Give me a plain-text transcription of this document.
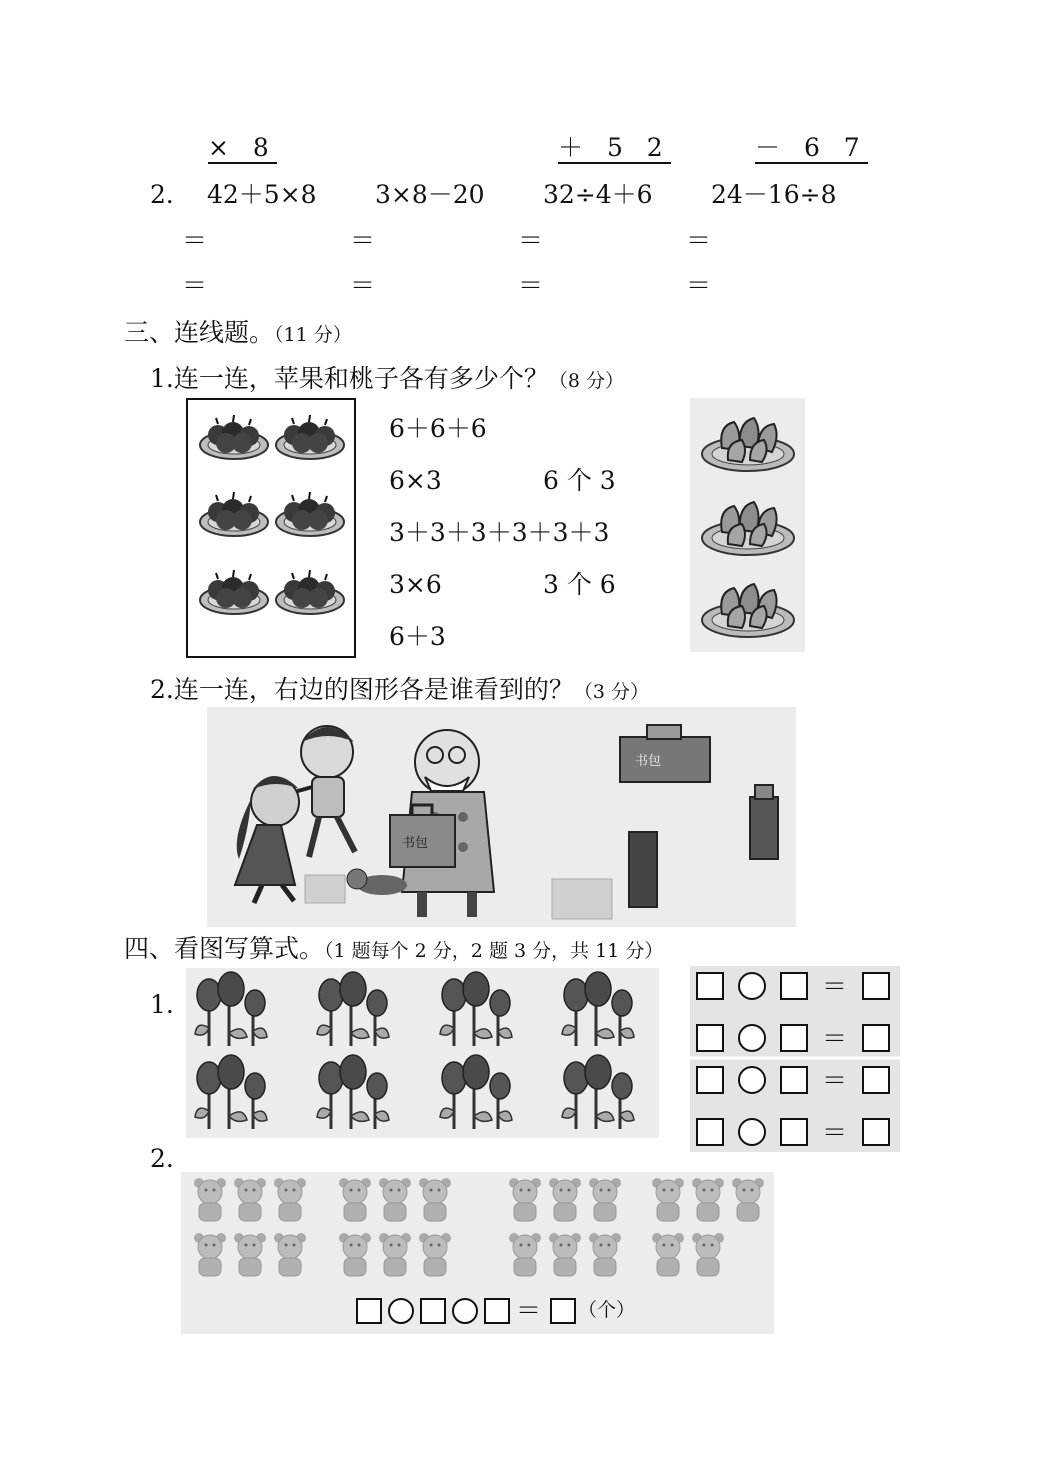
× 8	＋ 5 2	－ 6 7
2． 42＋5×8 3×8－20 32÷4＋6 24－16÷8
＝	＝	＝	＝
＝	＝	＝	＝
三、连线题。（11 分）
1.连一连，苹果和桃子各有多少个？（8 分）
6＋6＋6
6×3
3＋3＋3＋3＋3＋3
3×6
6＋3
6 个 3
3 个 6
2.连一连，右边的图形各是谁看到的？（3 分）
书包
书包
四、看图写算式。（1 题每个 2 分，2 题 3 分，共 11 分）
1.
＝
＝
＝
＝
2.
＝ （个）
